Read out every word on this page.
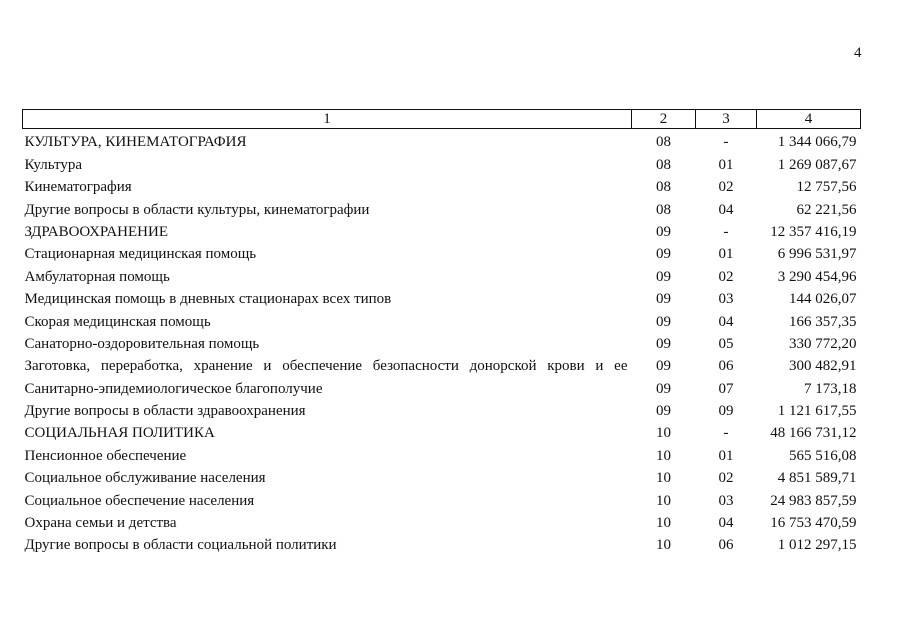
4
1	2	3	4
КУЛЬТУРА, КИНЕМАТОГРАФИЯ	08	-	1 344 066,79
Культура	08	01	1 269 087,67
Кинематография	08	02	12 757,56
Другие вопросы в области культуры, кинематографии	08	04	62 221,56
ЗДРАВООХРАНЕНИЕ	09	-	12 357 416,19
Стационарная медицинская помощь	09	01	6 996 531,97
Амбулаторная помощь	09	02	3 290 454,96
Медицинская помощь в дневных стационарах всех типов	09	03	144 026,07
Скорая медицинская помощь	09	04	166 357,35
Санаторно-оздоровительная помощь	09	05	330 772,20
Заготовка, переработка, хранение и обеспечение безопасности донорской крови и ее	09	06	300 482,91
Санитарно-эпидемиологическое благополучие	09	07	7 173,18
Другие вопросы в области здравоохранения	09	09	1 121 617,55
СОЦИАЛЬНАЯ ПОЛИТИКА	10	-	48 166 731,12
Пенсионное обеспечение	10	01	565 516,08
Социальное обслуживание населения	10	02	4 851 589,71
Социальное обеспечение населения	10	03	24 983 857,59
Охрана семьи и детства	10	04	16 753 470,59
Другие вопросы в области социальной политики	10	06	1 012 297,15
